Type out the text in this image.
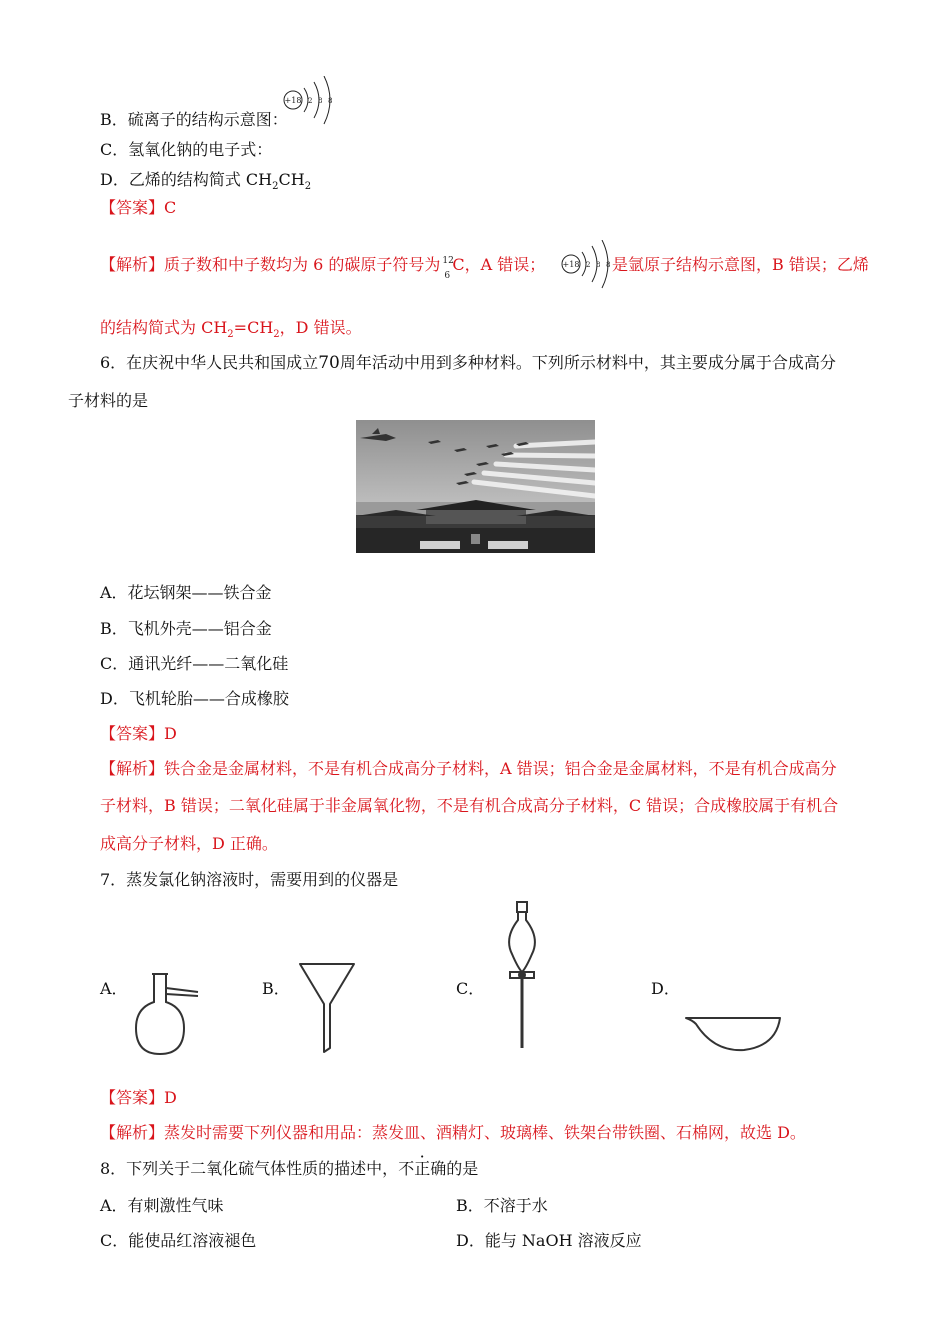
B．硫离子的结构示意图：
+18 2 8 8
C．氢氧化钠的电子式：
D．乙烯的结构简式 $CH_2CH_2$
【答案】C
【解析】质子数和中子数均为 6 的碳原子符号为 12
6
C，A 错误； +18 2 8 8 是氩原子结构示意图，B 错误；乙烯
的结构简式为 $CH_2=CH_2$，D 错误。
6．在庆祝中华人民共和国成立70周年活动中用到多种材料。下列所示材料中，其主要成分属于合成高分
子材料的是
A．花坛钢架——铁合金
B．飞机外壳——铝合金
C．通讯光纤——二氧化硅
D．飞机轮胎——合成橡胶
【答案】D
【解析】铁合金是金属材料，不是有机合成高分子材料，A 错误；铝合金是金属材料，不是有机合成高分
子材料，B 错误；二氧化硅属于非金属氧化物，不是有机合成高分子材料，C 错误；合成橡胶属于有机合
成高分子材料，D 正确。
7．蒸发氯化钠溶液时，需要用到的仪器是
A．	B．	C．	D．
【答案】D
【解析】蒸发时需要下列仪器和用品：蒸发皿、酒精灯、玻璃棒、铁架台带铁圈、石棉网，故选 D。
8．下列关于二氧化硫气体性质的描述中，不正确的是
A．有刺激性气味	B．不溶于水
C．能使品红溶液褪色	D．能与 NaOH 溶液反应
